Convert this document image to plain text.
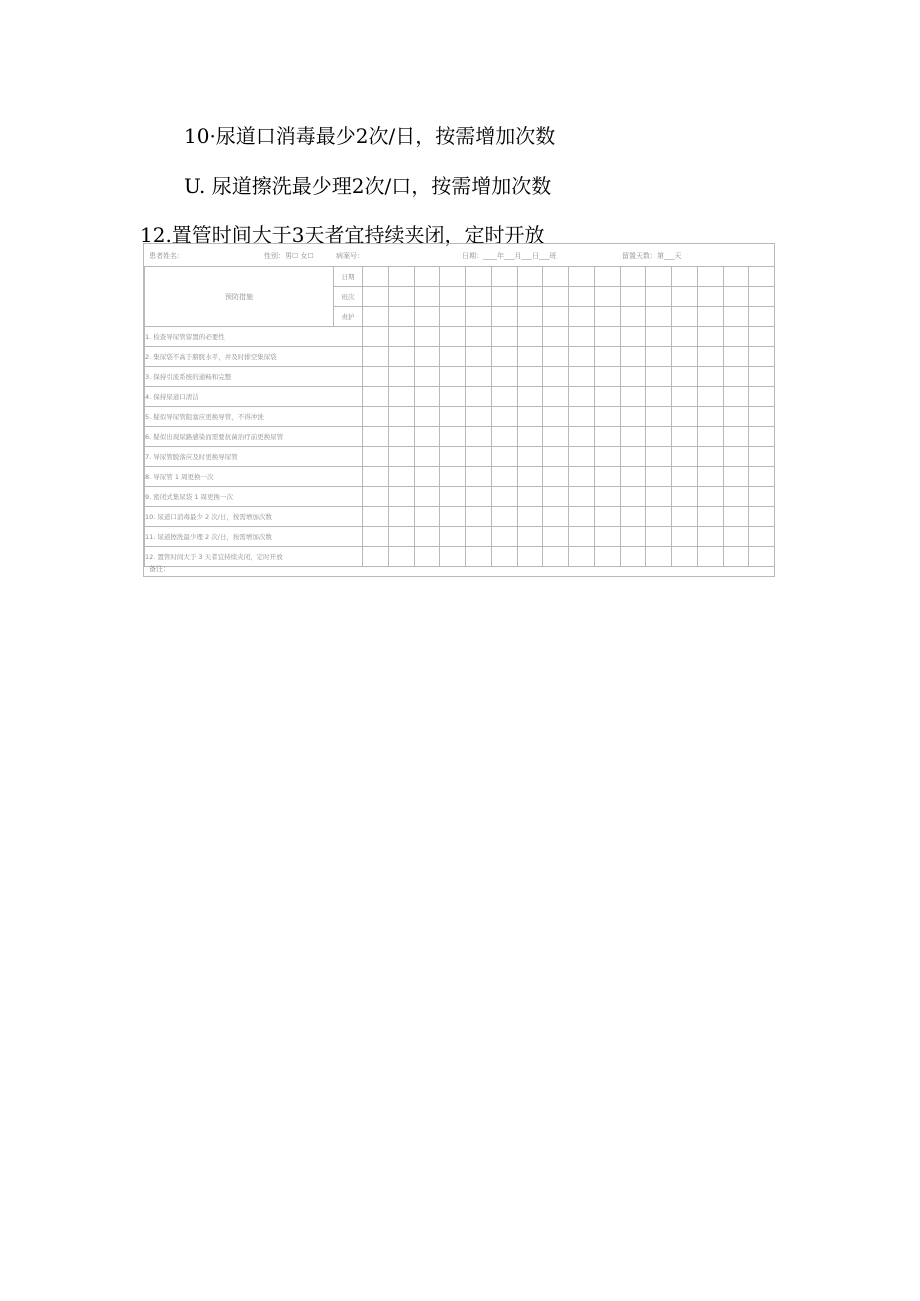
10·尿道口消毒最少2次/日，按需增加次数
U. 尿道擦洗最少理2次/口，按需增加次数
12.置管时间大于3天者宜持续夹闭，定时开放
患者姓名：	性别：男☐ 女☐	病案号：	日期：____年___月___日___班	留置天数：第___天
预防措施	日期																
	班次																
	责护																
1. 检查导尿管留置的必要性																	
2. 集尿袋不高于膀胱水平，并及时排空集尿袋																	
3. 保持引流系统的通畅和完整																	
4. 保持尿道口清洁																	
5. 疑似导尿管阻塞应更换导管，不得冲洗																	
6. 疑似出现尿路感染而需要抗菌治疗前更换尿管																	
7. 导尿管脱落应及时更换导尿管																	
8. 导尿管 1 周更换一次																	
9. 密闭式集尿袋 1 周更换一次																	
10. 尿道口消毒最少 2 次/日，按需增加次数																	
11. 尿道擦洗最少理 2 次/日，按需增加次数																	
12. 置管时间大于 3 天者宜持续夹闭，定时开放																	
备注：
